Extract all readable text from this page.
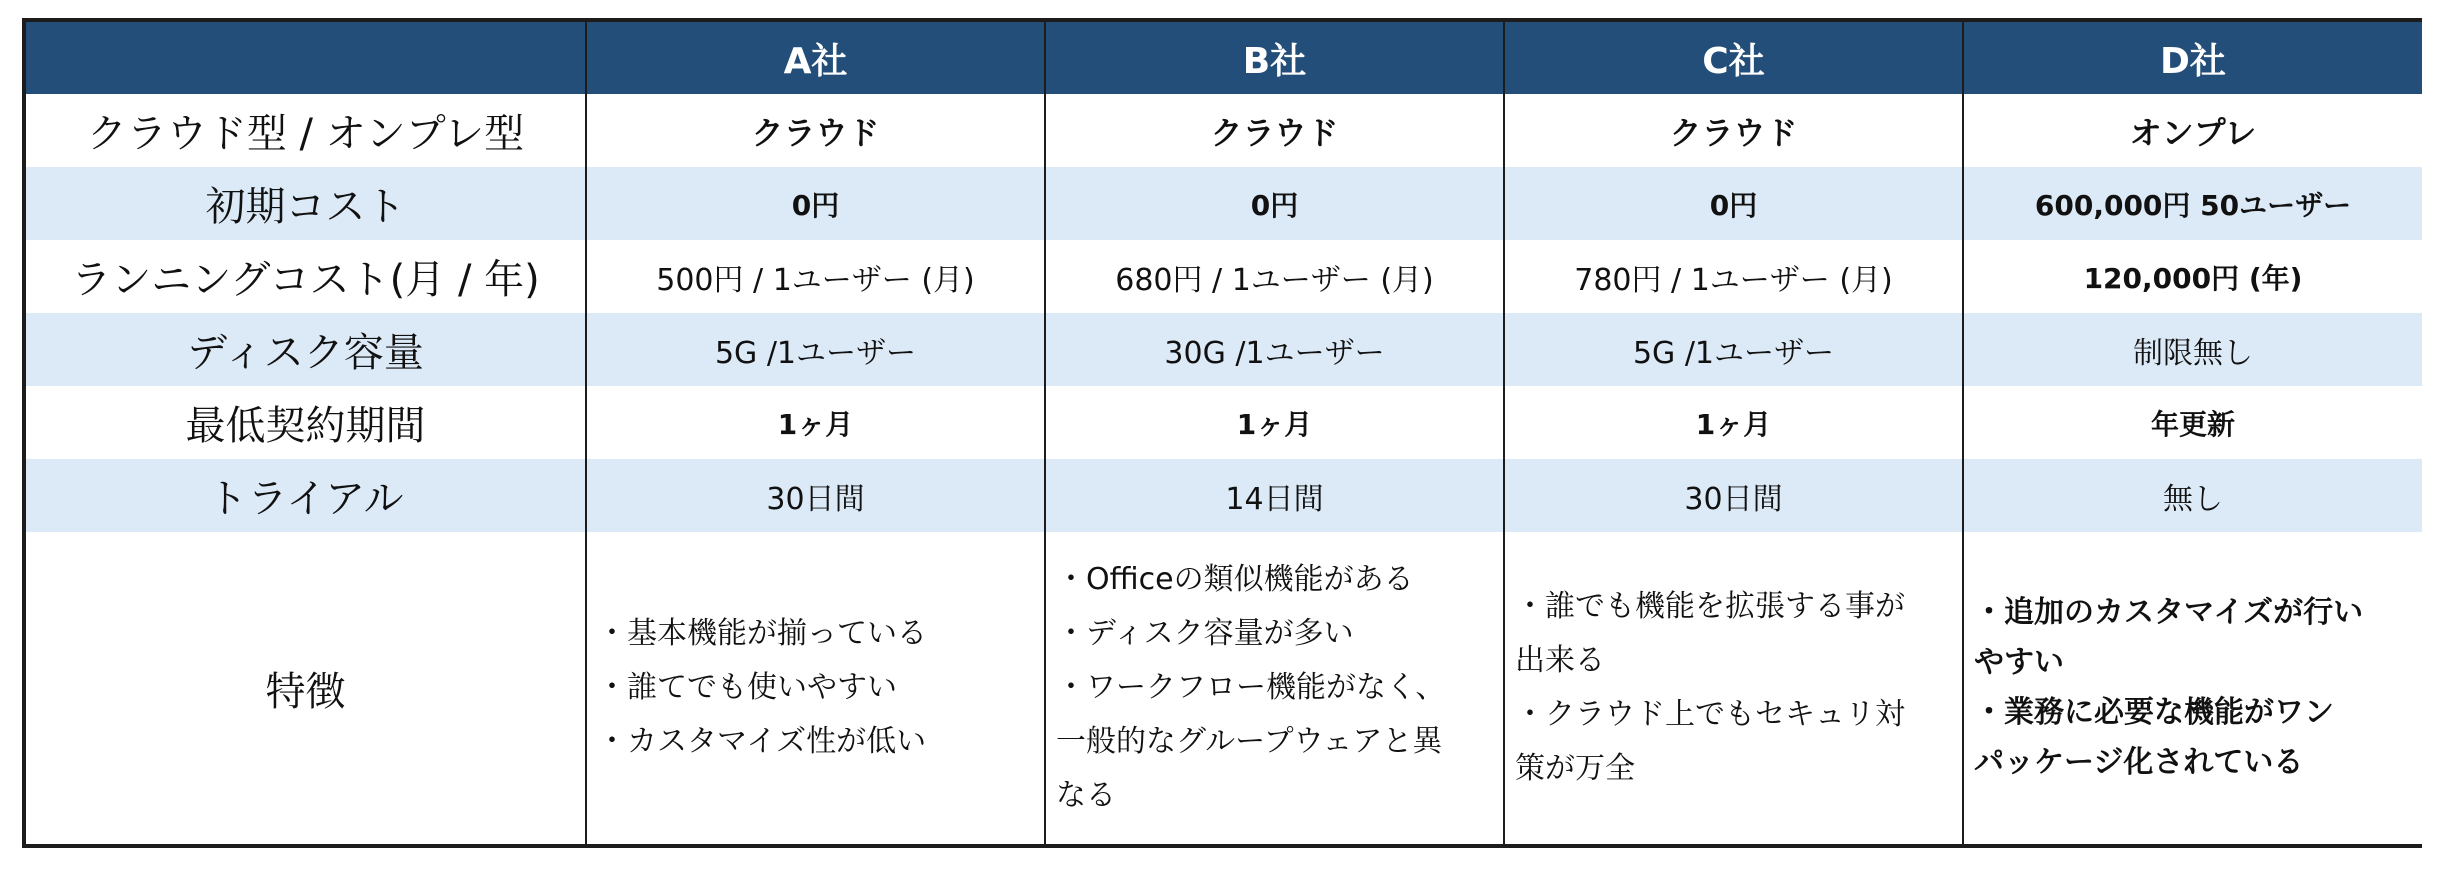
	A社	B社	C社	D社
クラウド型 / オンプレ型	クラウド	クラウド	クラウド	オンプレ
初期コスト	0円	0円	0円	600,000円 50ユーザー
ランニングコスト(月 / 年)	500円 / 1ユーザー (月)	680円 / 1ユーザー (月)	780円 / 1ユーザー (月)	120,000円 (年)
ディスク容量	5G /1ユーザー	30G /1ユーザー	5G /1ユーザー	制限無し
最低契約期間	1ヶ月	1ヶ月	1ヶ月	年更新
トライアル	30日間	14日間	30日間	無し
特徴	・基本機能が揃っている
・誰てでも使いやすい
・カスタマイズ性が低い	・Officeの類似機能がある
・ディスク容量が多い
・ワークフロー機能がなく、
一般的なグループウェアと異
なる	・誰でも機能を拡張する事が
出来る
・クラウド上でもセキュリ対
策が万全	・追加のカスタマイズが行い
やすい
・業務に必要な機能がワン
パッケージ化されている
